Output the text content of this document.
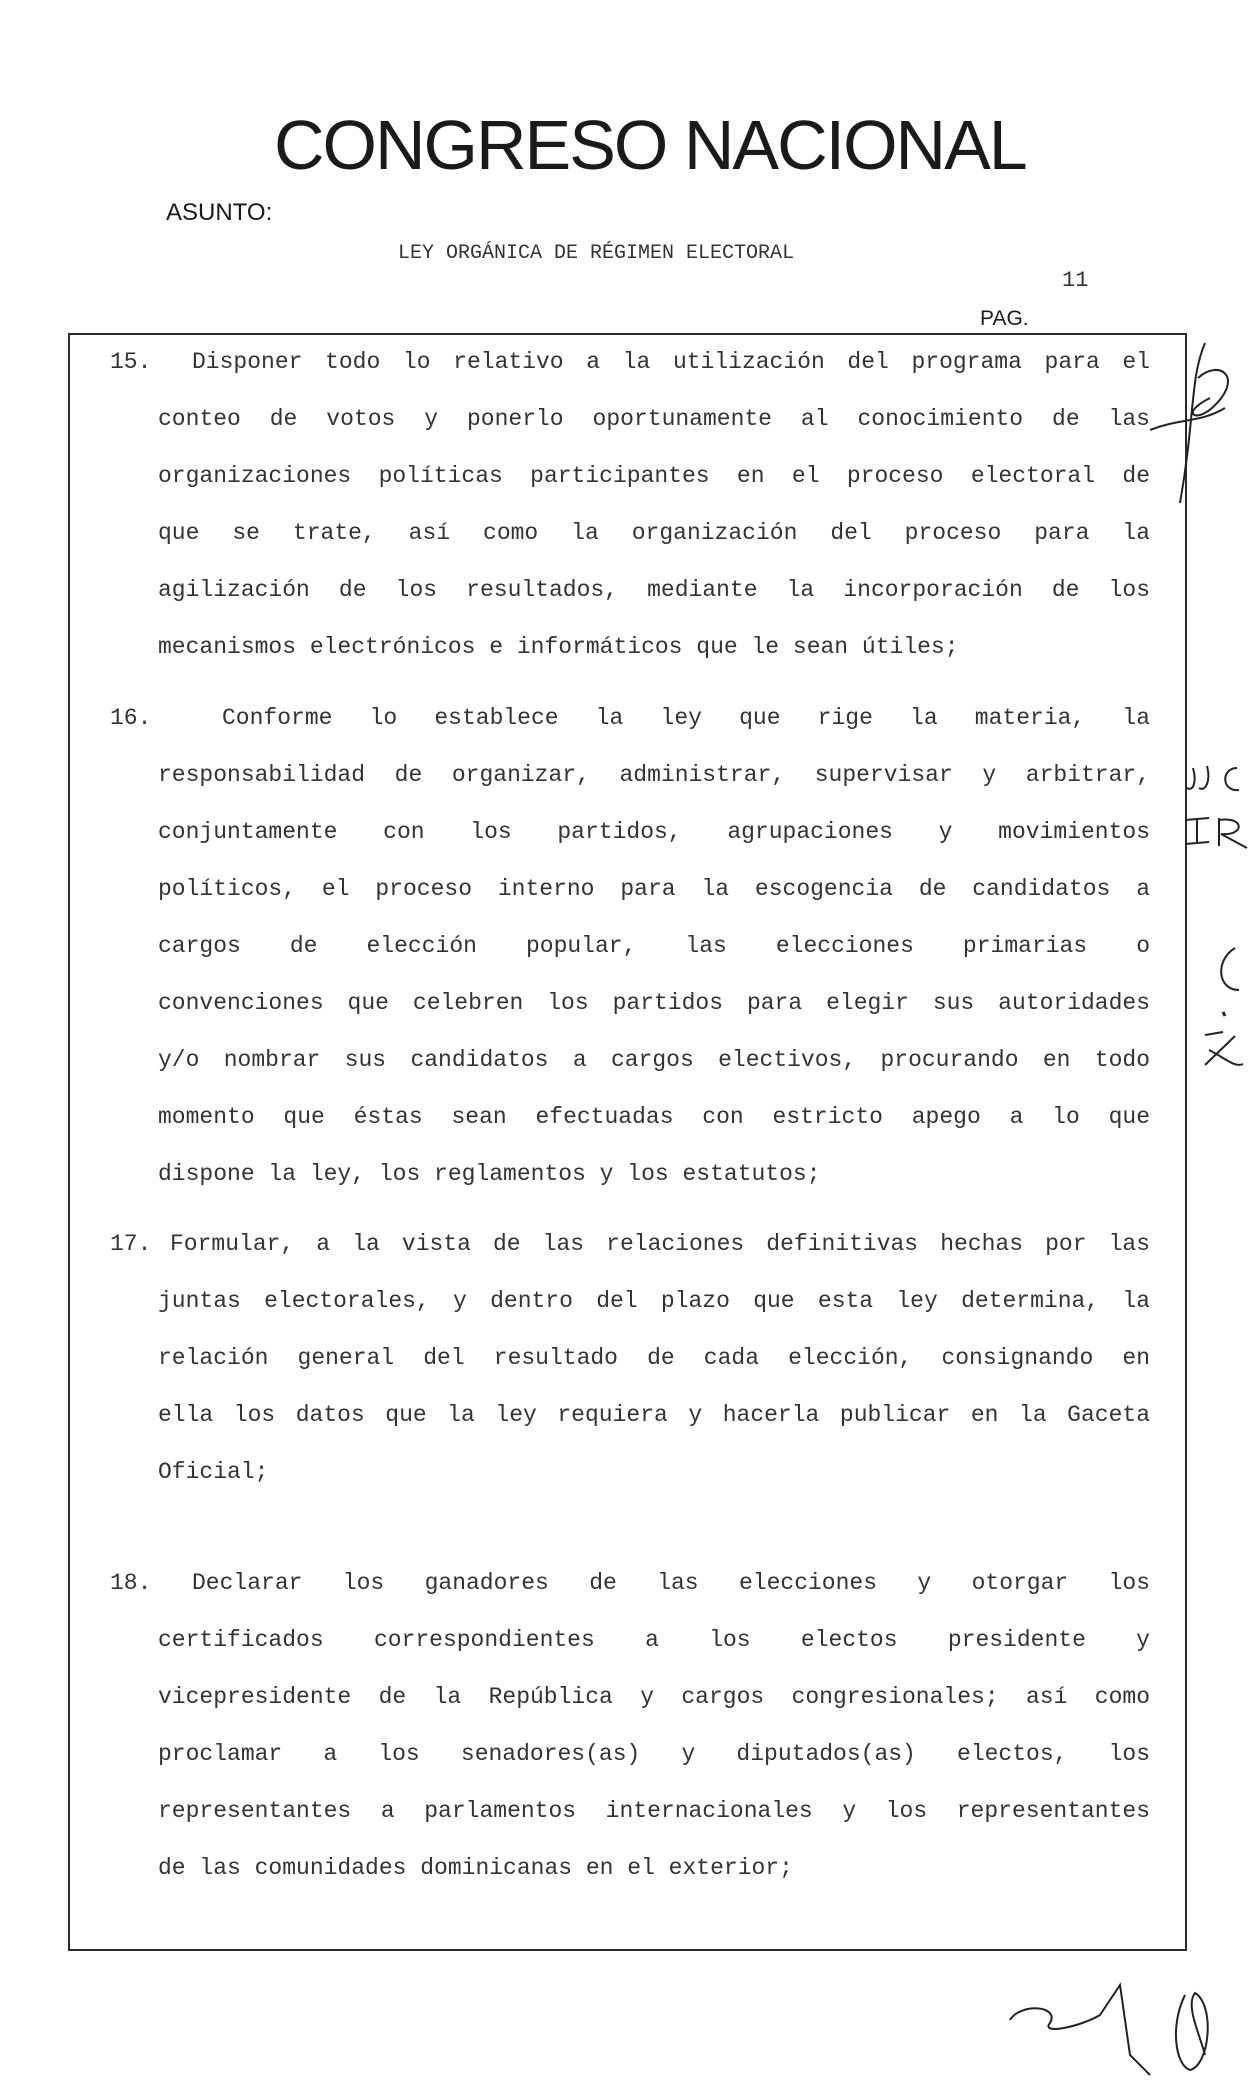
CONGRESO NACIONAL
ASUNTO:
LEY ORGÁNICA DE RÉGIMEN ELECTORAL
11
PAG.
15.	Disponer todo lo relativo a la utilización del programa para el
conteo de votos y ponerlo oportunamente al conocimiento de las
organizaciones políticas participantes en el proceso electoral de
que se trate, así como la organización del proceso para la
agilización de los resultados, mediante la incorporación de los
mecanismos electrónicos e informáticos que le sean útiles;
16.	Conforme lo establece la ley que rige la materia, la
responsabilidad de organizar, administrar, supervisar y arbitrar,
conjuntamente con los partidos, agrupaciones y movimientos
políticos, el proceso interno para la escogencia de candidatos a
cargos de elección popular, las elecciones primarias o
convenciones que celebren los partidos para elegir sus autoridades
y/o nombrar sus candidatos a cargos electivos, procurando en todo
momento que éstas sean efectuadas con estricto apego a lo que
dispone la ley, los reglamentos y los estatutos;
17. Formular, a la vista de las relaciones definitivas hechas por las
juntas electorales, y dentro del plazo que esta ley determina, la
relación general del resultado de cada elección, consignando en
ella los datos que la ley requiera y hacerla publicar en la Gaceta
Oficial;
18.	Declarar los ganadores de las elecciones y otorgar los
certificados correspondientes a los electos presidente y
vicepresidente de la República y cargos congresionales; así como
proclamar a los senadores(as) y diputados(as) electos, los
representantes a parlamentos internacionales y los representantes
de las comunidades dominicanas en el exterior;
